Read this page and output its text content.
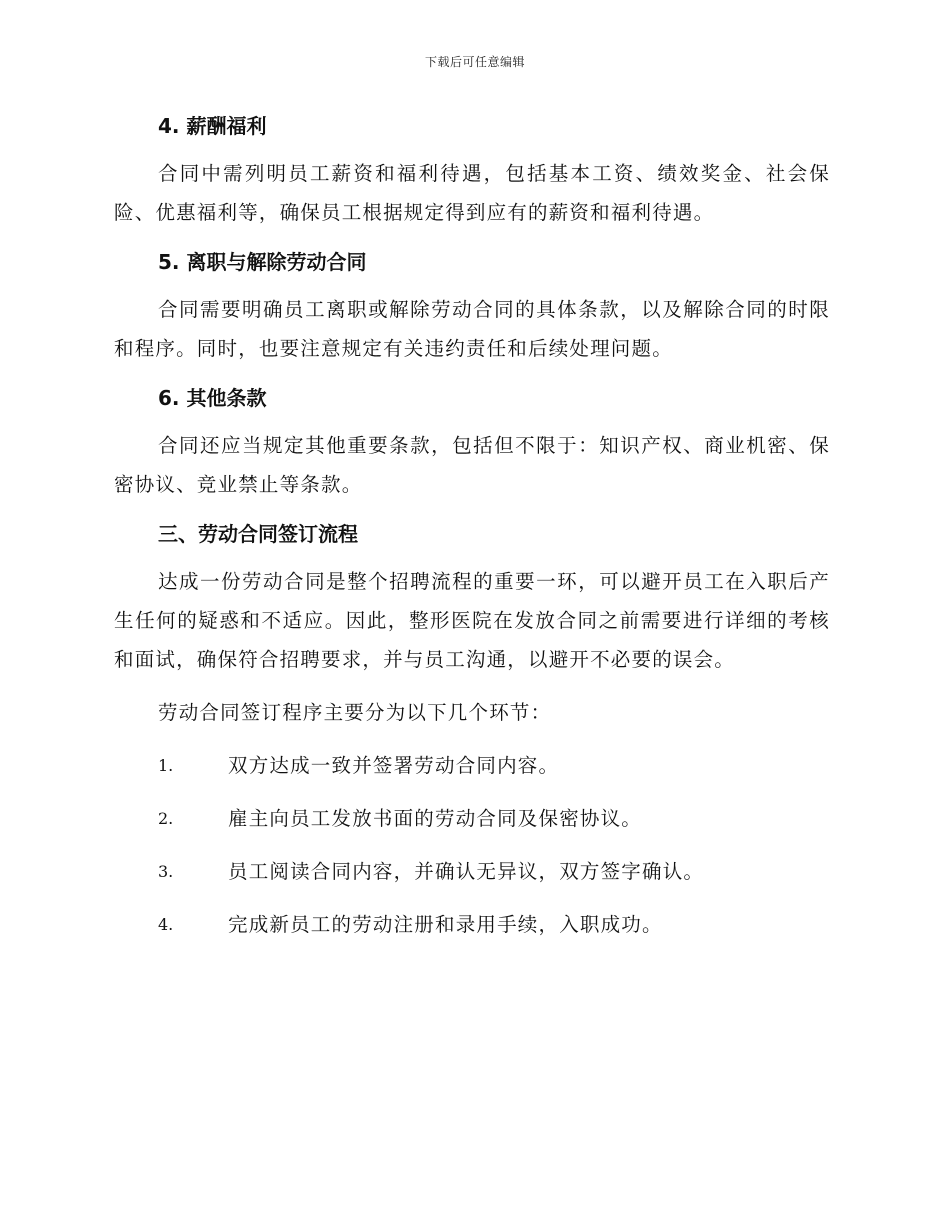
下载后可任意编辑
4. 薪酬福利

合同中需列明员工薪资和福利待遇，包括基本工资、绩效奖金、社会保险、优惠福利等，确保员工根据规定得到应有的薪资和福利待遇。

5. 离职与解除劳动合同

合同需要明确员工离职或解除劳动合同的具体条款，以及解除合同的时限和程序。同时，也要注意规定有关违约责任和后续处理问题。

6. 其他条款

合同还应当规定其他重要条款，包括但不限于：知识产权、商业机密、保密协议、竞业禁止等条款。

三、劳动合同签订流程

达成一份劳动合同是整个招聘流程的重要一环，可以避开员工在入职后产生任何的疑惑和不适应。因此，整形医院在发放合同之前需要进行详细的考核和面试，确保符合招聘要求，并与员工沟通，以避开不必要的误会。

劳动合同签订程序主要分为以下几个环节：

1.	双方达成一致并签署劳动合同内容。
2.	雇主向员工发放书面的劳动合同及保密协议。
3.	员工阅读合同内容，并确认无异议，双方签字确认。
4.	完成新员工的劳动注册和录用手续，入职成功。
